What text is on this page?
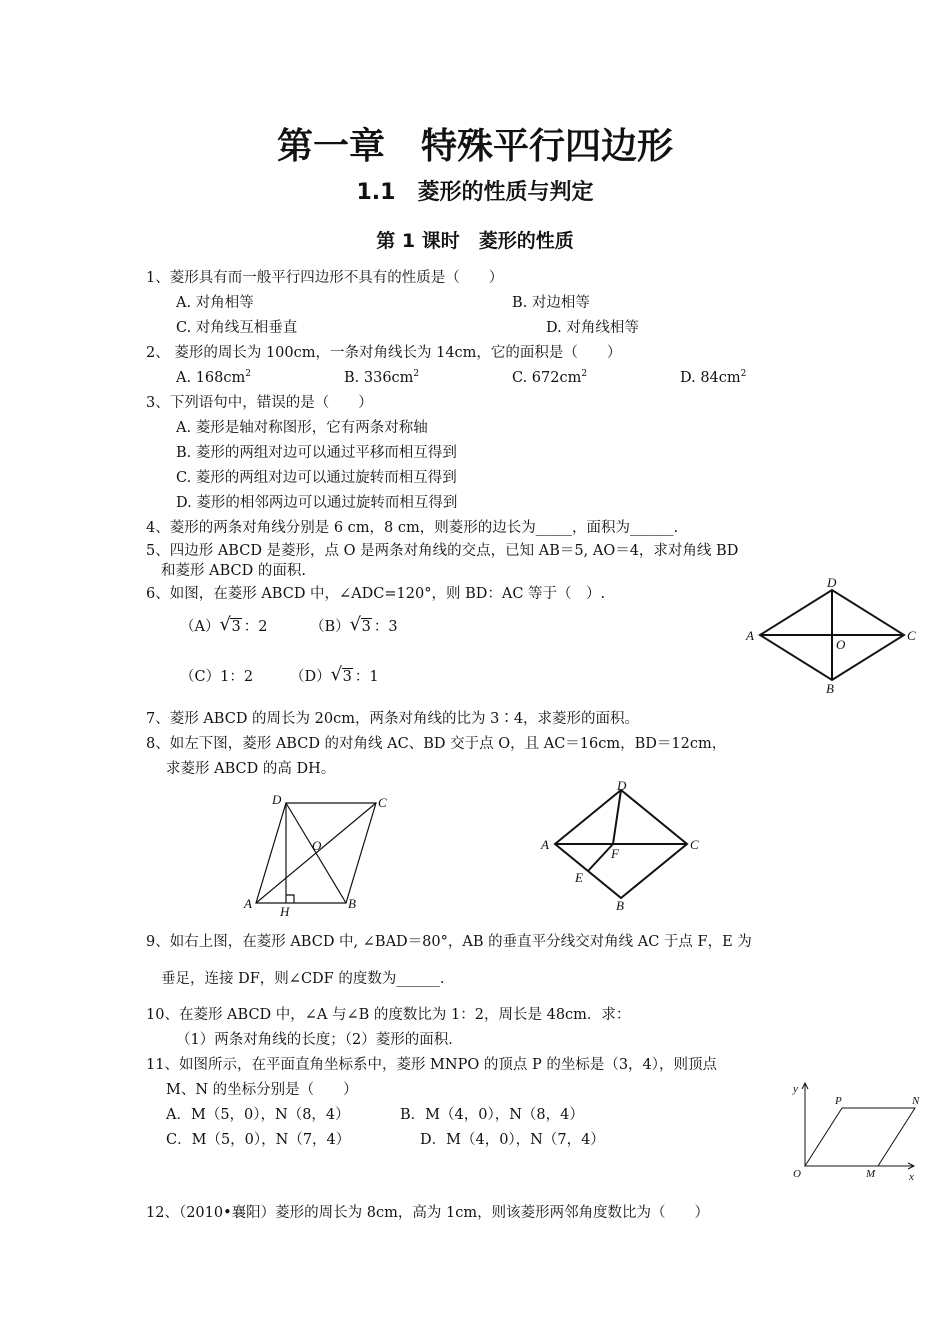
第一章　特殊平行四边形
1.1　菱形的性质与判定
第 1 课时　菱形的性质
1、菱形具有而一般平行四边形不具有的性质是（　　）
A. 对角相等	B. 对边相等
C. 对角线互相垂直	D. 对角线相等
2、 菱形的周长为 100cm，一条对角线长为 14cm，它的面积是（　　）
A. $168cm^2$	B. $336cm^2$	C. $672cm^2$	D. $84cm^2$
3、下列语句中，错误的是（　　）
A. 菱形是轴对称图形，它有两条对称轴
B. 菱形的两组对边可以通过平移而相互得到
C. 菱形的两组对边可以通过旋转而相互得到
D. 菱形的相邻两边可以通过旋转而相互得到
4、菱形的两条对角线分别是 6 cm，8 cm，则菱形的边长为_____，面积为______.
5、四边形 ABCD 是菱形，点 O 是两条对角线的交点，已知 AB＝5, AO＝4，求对角线 BD
和菱形 ABCD 的面积.
6、如图，在菱形 ABCD 中，∠ADC=120°，则 BD：AC 等于（　）.
（A） √ 3 ：2	（B） √ 3 ：3
（C）1：2	（D） √ 3 ：1
A
D
C
B
O
7、菱形 ABCD 的周长为 20cm，两条对角线的比为 3∶4，求菱形的面积。
8、如左下图，菱形 ABCD 的对角线 AC、BD 交于点 O，且 AC＝16cm，BD＝12cm，
求菱形 ABCD 的高 DH。
D	C
O
A
H
B
D
A	C
F
E
B
9、如右上图，在菱形 ABCD 中, ∠BAD＝80°，AB 的垂直平分线交对角线 AC 于点 F，E 为
垂足，连接 DF，则∠CDF 的度数为______.
10、在菱形 ABCD 中，∠A 与∠B 的度数比为 1：2，周长是 48cm．求：
（1）两条对角线的长度；（2）菱形的面积．
11、如图所示，在平面直角坐标系中，菱形 MNPO 的顶点 P 的坐标是（3，4），则顶点
M、N 的坐标分别是（　　）
A．M（5，0），N（8，4）	B．M（4，0），N（8，4）
C．M（5，0），N（7，4）	D．M（4，0），N（7，4）
y
P	N
O	M	x
12、（2010•襄阳）菱形的周长为 8cm，高为 1cm，则该菱形两邻角度数比为（　　）
